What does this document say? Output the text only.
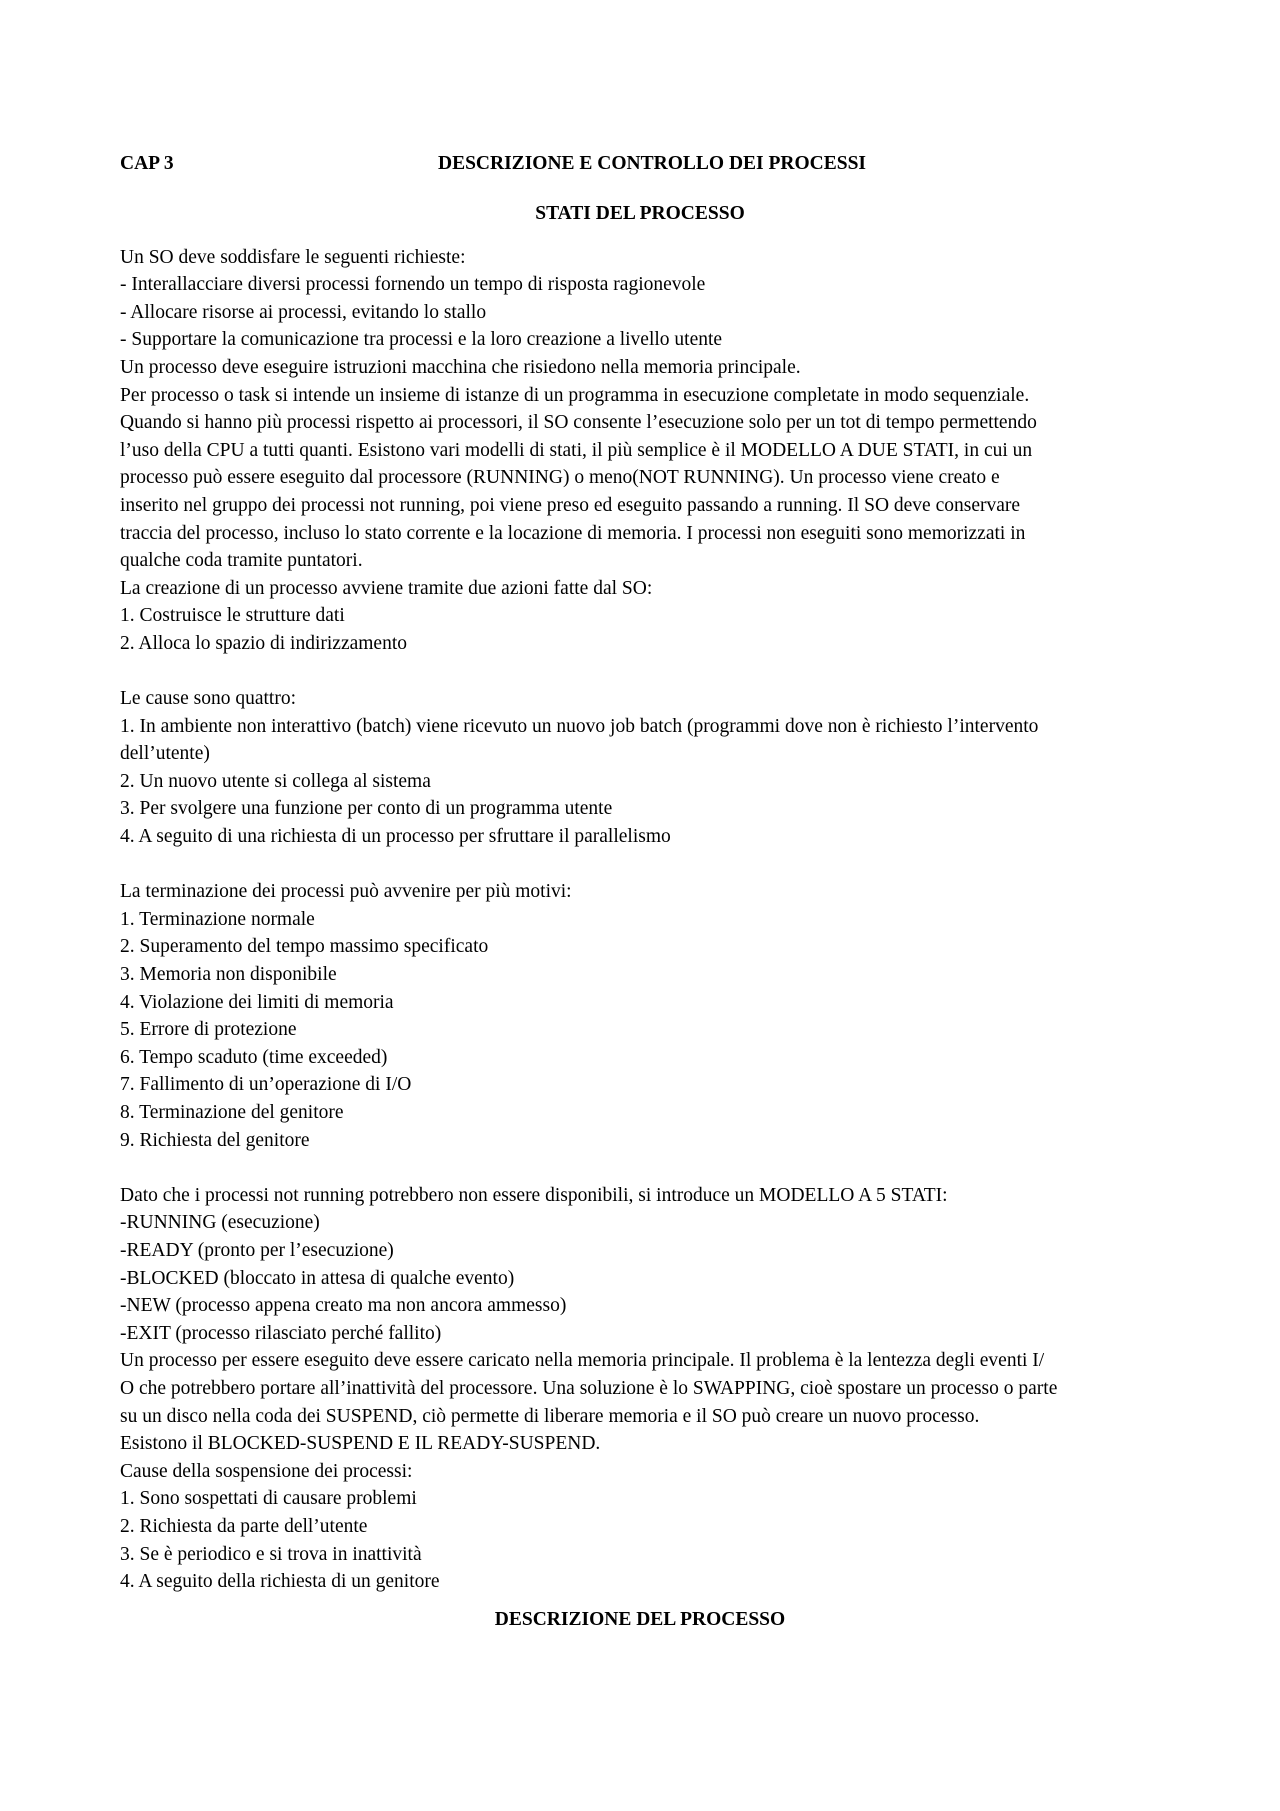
CAP 3	DESCRIZIONE E CONTROLLO DEI PROCESSI
STATI DEL PROCESSO
Un SO deve soddisfare le seguenti richieste:
- Interallacciare diversi processi fornendo un tempo di risposta ragionevole
- Allocare risorse ai processi, evitando lo stallo
- Supportare la comunicazione tra processi e la loro creazione a livello utente
Un processo deve eseguire istruzioni macchina che risiedono nella memoria principale.
Per processo o task si intende un insieme di istanze di un programma in esecuzione completate in modo sequenziale.
Quando si hanno più processi rispetto ai processori, il SO consente l’esecuzione solo per un tot di tempo permettendo
l’uso della CPU a tutti quanti. Esistono vari modelli di stati, il più semplice è il MODELLO A DUE STATI, in cui un
processo può essere eseguito dal processore (RUNNING) o meno(NOT RUNNING). Un processo viene creato e
inserito nel gruppo dei processi not running, poi viene preso ed eseguito passando a running. Il SO deve conservare
traccia del processo, incluso lo stato corrente e la locazione di memoria. I processi non eseguiti sono memorizzati in
qualche coda tramite puntatori.
La creazione di un processo avviene tramite due azioni fatte dal SO:
1. Costruisce le strutture dati
2. Alloca lo spazio di indirizzamento
Le cause sono quattro:
1. In ambiente non interattivo (batch) viene ricevuto un nuovo job batch (programmi dove non è richiesto l’intervento
dell’utente)
2. Un nuovo utente si collega al sistema
3. Per svolgere una funzione per conto di un programma utente
4. A seguito di una richiesta di un processo per sfruttare il parallelismo
La terminazione dei processi può avvenire per più motivi:
1. Terminazione normale
2. Superamento del tempo massimo specificato
3. Memoria non disponibile
4. Violazione dei limiti di memoria
5. Errore di protezione
6. Tempo scaduto (time exceeded)
7. Fallimento di un’operazione di I/O
8. Terminazione del genitore
9. Richiesta del genitore
Dato che i processi not running potrebbero non essere disponibili, si introduce un MODELLO A 5 STATI:
-RUNNING (esecuzione)
-READY (pronto per l’esecuzione)
-BLOCKED (bloccato in attesa di qualche evento)
-NEW (processo appena creato ma non ancora ammesso)
-EXIT (processo rilasciato perché fallito)
Un processo per essere eseguito deve essere caricato nella memoria principale. Il problema è la lentezza degli eventi I/
O che potrebbero portare all’inattività del processore. Una soluzione è lo SWAPPING, cioè spostare un processo o parte
su un disco nella coda dei SUSPEND, ciò permette di liberare memoria e il SO può creare un nuovo processo.
Esistono il BLOCKED-SUSPEND E IL READY-SUSPEND.
Cause della sospensione dei processi:
1. Sono sospettati di causare problemi
2. Richiesta da parte dell’utente
3. Se è periodico e si trova in inattività
4. A seguito della richiesta di un genitore
DESCRIZIONE DEL PROCESSO
